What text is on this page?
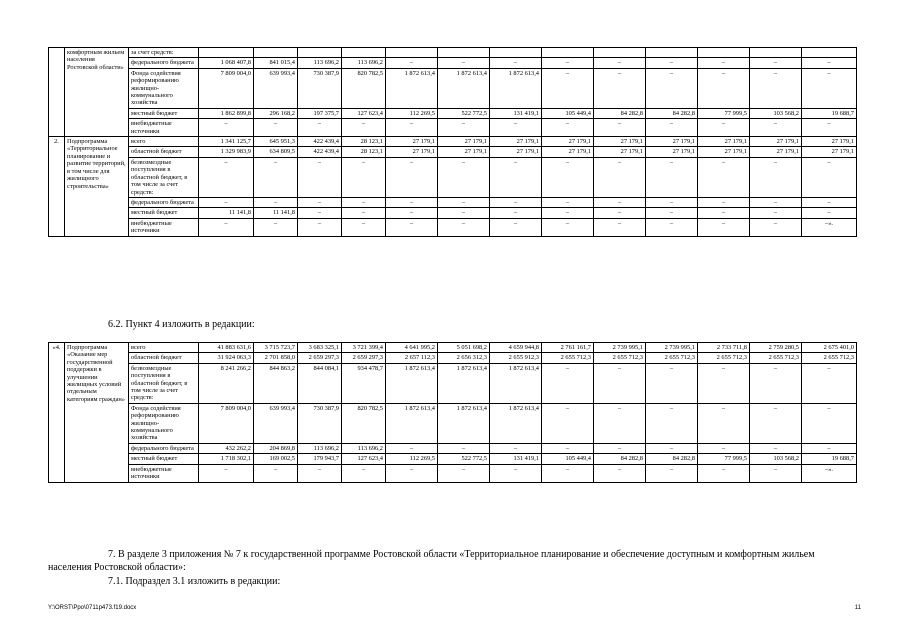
	комфортным жильем населения Ростовской области»	за счет средств:													
		федерального бюджета	1 068 407,8	841 015,4	113 696,2	113 696,2	–	–	–	–	–	–	–	–	–
		Фонда содействия реформированию жилищно-коммунального хозяйства	7 809 004,0	639 993,4	730 387,9	820 782,5	1 872 613,4	1 872 613,4	1 872 613,4	–	–	–	–	–	–
		местный бюджет	1 862 899,8	296 168,2	197 375,7	127 623,4	112 269,5	522 772,5	131 419,1	105 449,4	84 282,8	84 282,8	77 999,5	103 568,2	19 688,7
		внебюджетные источники	–	–	–	–	–	–	–	–	–	–	–	–	–
2.	Подпрограмма «Территориальное планирование и развитие территорий, в том числе для жилищного строительства»	всего	1 341 125,7	645 951,3	422 439,4	28 123,1	27 179,1	27 179,1	27 179,1	27 179,1	27 179,1	27 179,1	27 179,1	27 179,1	27 179,1
		областной бюджет	1 329 983,9	634 809,5	422 439,4	28 123,1	27 179,1	27 179,1	27 179,1	27 179,1	27 179,1	27 179,1	27 179,1	27 179,1	27 179,1
		безвозмездные поступления в областной бюджет, в том числе за счет средств:	–	–	–	–	–	–	–	–	–	–	–	–	–
		федерального бюджета	–	–	–	–	–	–	–	–	–	–	–	–	–
		местный бюджет	11 141,8	11 141,8	–	–	–	–	–	–	–	–	–	–	–
		внебюджетные источники	–	–	–	–	–	–	–	–	–	–	–	–	–».

6.2. Пункт 4 изложить в редакции:

«4.	Подпрограмма «Оказание мер государственной поддержки в улучшении жилищных условий отдельным категориям граждан»	всего	41 883 631,6	3 715 723,7	3 683 325,1	3 721 399,4	4 641 995,2	5 051 698,2	4 659 944,8	2 761 161,7	2 739 995,1	2 739 995,1	2 733 711,8	2 759 280,5	2 675 401,0
		областной бюджет	31 924 063,3	2 701 858,0	2 659 297,3	2 659 297,3	2 657 112,3	2 656 312,3	2 655 912,3	2 655 712,3	2 655 712,3	2 655 712,3	2 655 712,3	2 655 712,3	2 655 712,3
		безвозмездные поступления в областной бюджет, в том числе за счет средств:	8 241 266,2	844 863,2	844 084,1	934 478,7	1 872 613,4	1 872 613,4	1 872 613,4	–	–	–	–	–	–
		Фонда содействия реформированию жилищно-коммунального хозяйства	7 809 004,0	639 993,4	730 387,9	820 782,5	1 872 613,4	1 872 613,4	1 872 613,4	–	–	–	–	–	–
		федерального бюджета	432 262,2	204 869,8	113 696,2	113 696,2	–	–	–	–	–	–	–	–	–
		местный бюджет	1 718 302,1	169 002,5	179 943,7	127 623,4	112 269,5	522 772,5	131 419,1	105 449,4	84 282,8	84 282,8	77 999,5	103 568,2	19 688,7
		внебюджетные источники	–	–	–	–	–	–	–	–	–	–	–	–	–».

7. В разделе 3 приложения № 7 к государственной программе Ростовской области «Территориальное планирование и обеспечение доступным и комфортным жильем населения Ростовской области»:

7.1. Подраздел 3.1 изложить в редакции:

Y:\ORST\Ppo\0711p473.f19.docx	11
